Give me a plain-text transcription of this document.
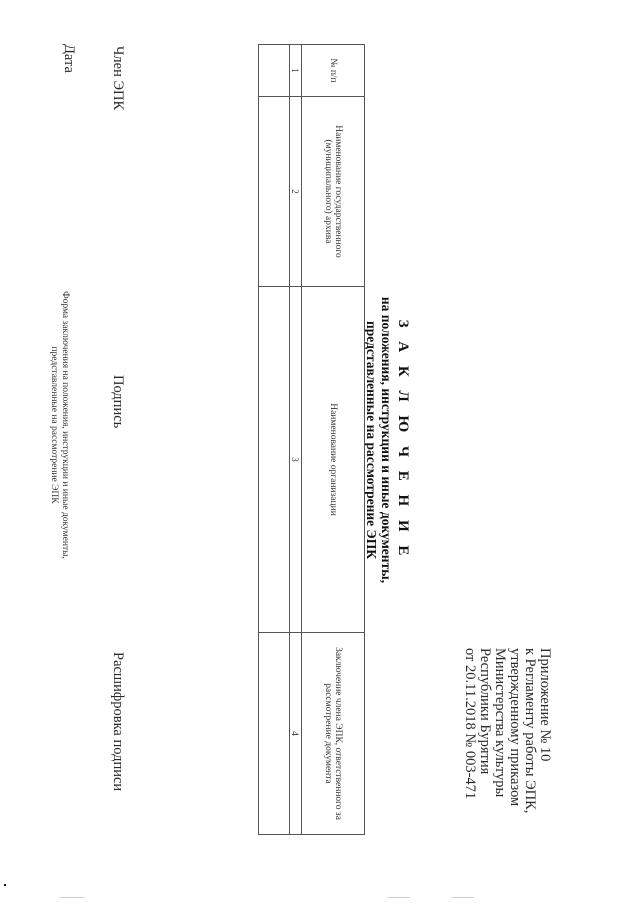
Приложение № 10
к Регламенту работы ЭПК,
утвержденному приказом
Министерства культуры
Республики Бурятия
от 20.11.2018 № 003-471
З А К Л Ю Ч Е Н И Е
на положения, инструкции и иные документы,
представленные на рассмотрение ЭПК
№ п/п	Наименование государственного (муниципального) архива	Наименование организации	Заключение члена ЭПК, ответственного за рассмотрение документа
1	2	3	4

Член ЭПК
Дата
Подпись
Расшифровка подписи
Форма заключения на положения, инструкции и иные документы,
представленные на рассмотрение ЭПК
